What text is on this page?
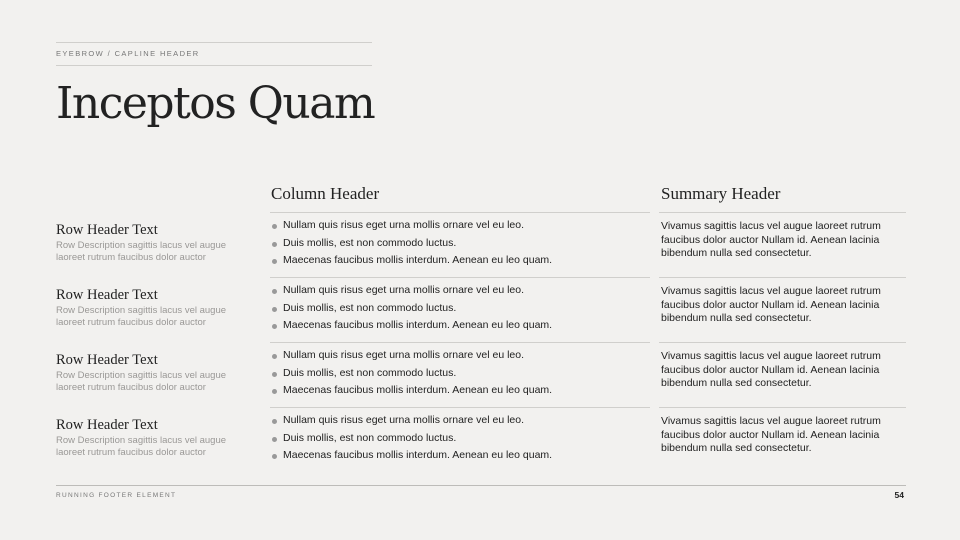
EYEBROW / CAPLINE HEADER
Inceptos Quam
Column Header	Summary Header
Row Header Text
Row Description sagittis lacus vel augue laoreet rutrum faucibus dolor auctor
Nullam quis risus eget urna mollis ornare vel eu leo.
Duis mollis, est non commodo luctus.
Maecenas faucibus mollis interdum. Aenean eu leo quam.
Vivamus sagittis lacus vel augue laoreet rutrum faucibus dolor auctor Nullam id. Aenean lacinia bibendum nulla sed consectetur.
Row Header Text
Row Description sagittis lacus vel augue laoreet rutrum faucibus dolor auctor
Nullam quis risus eget urna mollis ornare vel eu leo.
Duis mollis, est non commodo luctus.
Maecenas faucibus mollis interdum. Aenean eu leo quam.
Vivamus sagittis lacus vel augue laoreet rutrum faucibus dolor auctor Nullam id. Aenean lacinia bibendum nulla sed consectetur.
Row Header Text
Row Description sagittis lacus vel augue laoreet rutrum faucibus dolor auctor
Nullam quis risus eget urna mollis ornare vel eu leo.
Duis mollis, est non commodo luctus.
Maecenas faucibus mollis interdum. Aenean eu leo quam.
Vivamus sagittis lacus vel augue laoreet rutrum faucibus dolor auctor Nullam id. Aenean lacinia bibendum nulla sed consectetur.
Row Header Text
Row Description sagittis lacus vel augue laoreet rutrum faucibus dolor auctor
Nullam quis risus eget urna mollis ornare vel eu leo.
Duis mollis, est non commodo luctus.
Maecenas faucibus mollis interdum. Aenean eu leo quam.
Vivamus sagittis lacus vel augue laoreet rutrum faucibus dolor auctor Nullam id. Aenean lacinia bibendum nulla sed consectetur.
RUNNING FOOTER ELEMENT	54
